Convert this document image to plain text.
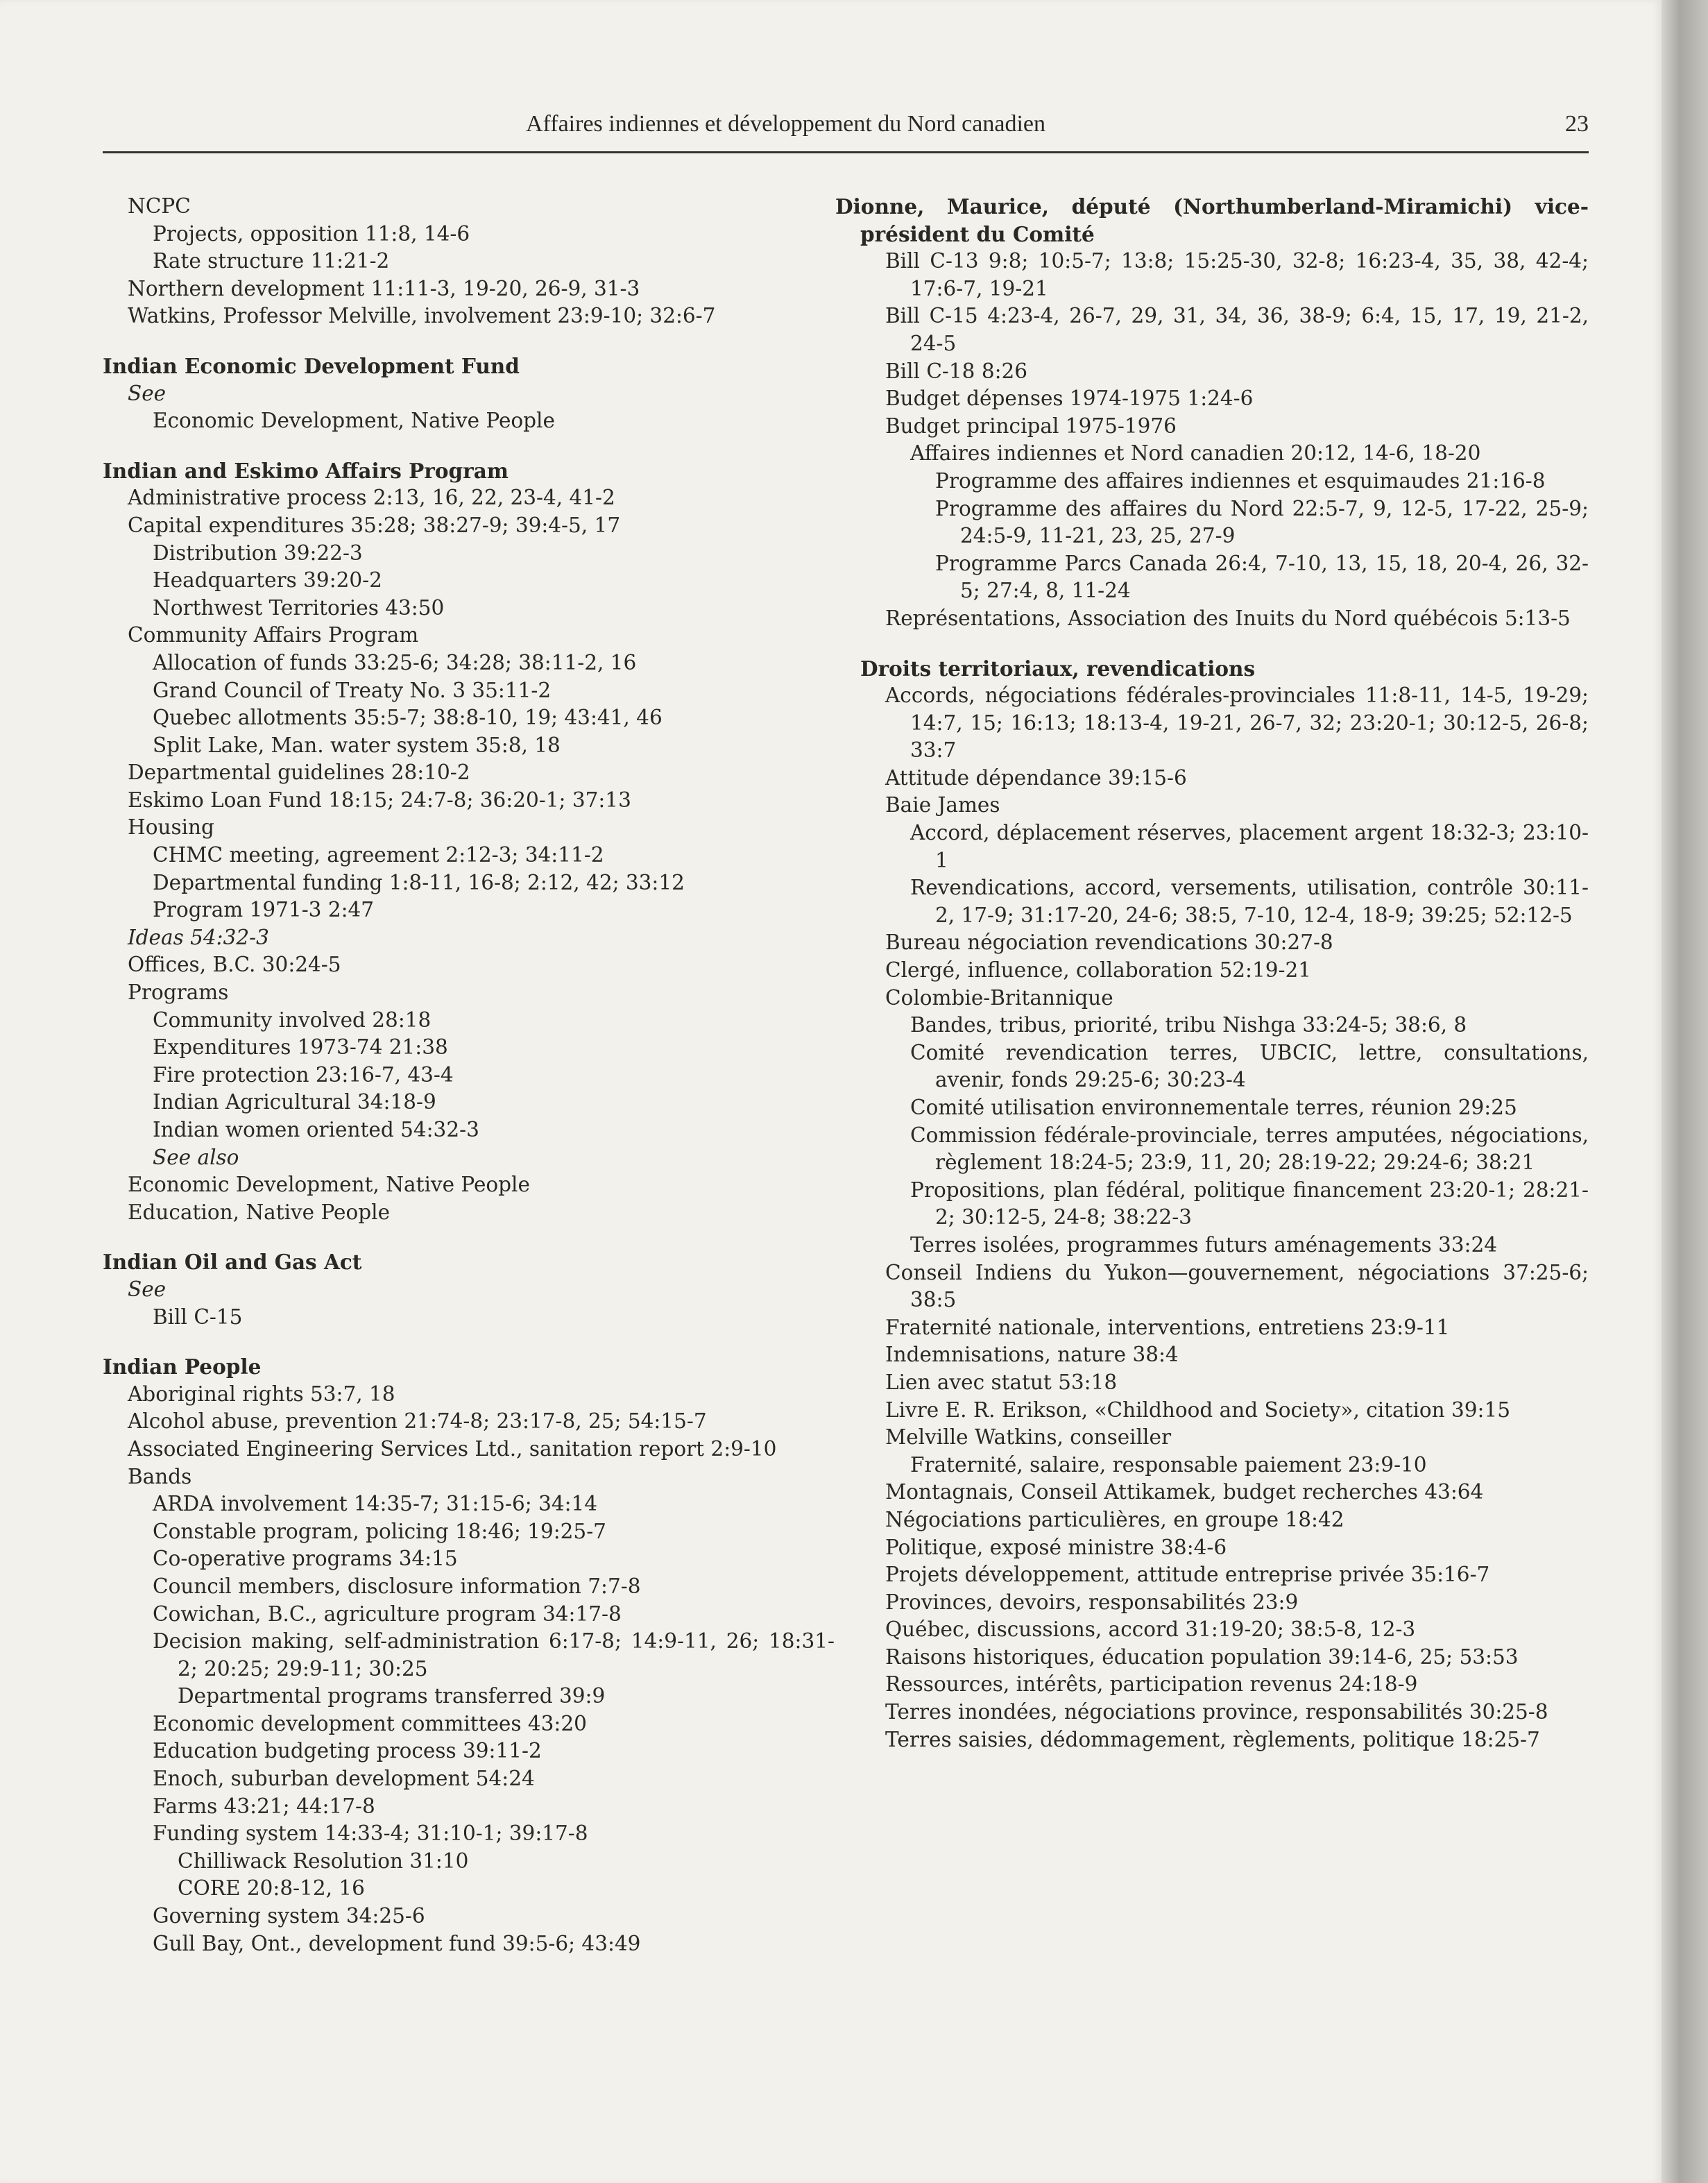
Affaires indiennes et développement du Nord canadien	23
NCPC
Projects, opposition 11:8, 14-6
Rate structure 11:21-2
Northern development 11:11-3, 19-20, 26-9, 31-3
Watkins, Professor Melville, involvement 23:9-10; 32:6-7
Indian Economic Development Fund
See
Economic Development, Native People
Indian and Eskimo Affairs Program
Administrative process 2:13, 16, 22, 23-4, 41-2
Capital expenditures 35:28; 38:27-9; 39:4-5, 17
Distribution 39:22-3
Headquarters 39:20-2
Northwest Territories 43:50
Community Affairs Program
Allocation of funds 33:25-6; 34:28; 38:11-2, 16
Grand Council of Treaty No. 3 35:11-2
Quebec allotments 35:5-7; 38:8-10, 19; 43:41, 46
Split Lake, Man. water system 35:8, 18
Departmental guidelines 28:10-2
Eskimo Loan Fund 18:15; 24:7-8; 36:20-1; 37:13
Housing
CHMC meeting, agreement 2:12-3; 34:11-2
Departmental funding 1:8-11, 16-8; 2:12, 42; 33:12
Program 1971-3 2:47
Ideas 54:32-3
Offices, B.C. 30:24-5
Programs
Community involved 28:18
Expenditures 1973-74 21:38
Fire protection 23:16-7, 43-4
Indian Agricultural 34:18-9
Indian women oriented 54:32-3
See also
Economic Development, Native People
Education, Native People
Indian Oil and Gas Act
See
Bill C-15
Indian People
Aboriginal rights 53:7, 18
Alcohol abuse, prevention 21:74-8; 23:17-8, 25; 54:15-7
Associated Engineering Services Ltd., sanitation report 2:9-10
Bands
ARDA involvement 14:35-7; 31:15-6; 34:14
Constable program, policing 18:46; 19:25-7
Co-operative programs 34:15
Council members, disclosure information 7:7-8
Cowichan, B.C., agriculture program 34:17-8
Decision making, self-administration 6:17-8; 14:9-11, 26; 18:31-2; 20:25; 29:9-11; 30:25
Departmental programs transferred 39:9
Economic development committees 43:20
Education budgeting process 39:11-2
Enoch, suburban development 54:24
Farms 43:21; 44:17-8
Funding system 14:33-4; 31:10-1; 39:17-8
Chilliwack Resolution 31:10
CORE 20:8-12, 16
Governing system 34:25-6
Gull Bay, Ont., development fund 39:5-6; 43:49
Dionne, Maurice, député (Northumberland-Miramichi) vice-président du Comité
Bill C-13 9:8; 10:5-7; 13:8; 15:25-30, 32-8; 16:23-4, 35, 38, 42-4; 17:6-7, 19-21
Bill C-15 4:23-4, 26-7, 29, 31, 34, 36, 38-9; 6:4, 15, 17, 19, 21-2, 24-5
Bill C-18 8:26
Budget dépenses 1974-1975 1:24-6
Budget principal 1975-1976
Affaires indiennes et Nord canadien 20:12, 14-6, 18-20
Programme des affaires indiennes et esquimaudes 21:16-8
Programme des affaires du Nord 22:5-7, 9, 12-5, 17-22, 25-9; 24:5-9, 11-21, 23, 25, 27-9
Programme Parcs Canada 26:4, 7-10, 13, 15, 18, 20-4, 26, 32-5; 27:4, 8, 11-24
Représentations, Association des Inuits du Nord québécois 5:13-5
Droits territoriaux, revendications
Accords, négociations fédérales-provinciales 11:8-11, 14-5, 19-29; 14:7, 15; 16:13; 18:13-4, 19-21, 26-7, 32; 23:20-1; 30:12-5, 26-8; 33:7
Attitude dépendance 39:15-6
Baie James
Accord, déplacement réserves, placement argent 18:32-3; 23:10-1
Revendications, accord, versements, utilisation, contrôle 30:11-2, 17-9; 31:17-20, 24-6; 38:5, 7-10, 12-4, 18-9; 39:25; 52:12-5
Bureau négociation revendications 30:27-8
Clergé, influence, collaboration 52:19-21
Colombie-Britannique
Bandes, tribus, priorité, tribu Nishga 33:24-5; 38:6, 8
Comité revendication terres, UBCIC, lettre, consultations, avenir, fonds 29:25-6; 30:23-4
Comité utilisation environnementale terres, réunion 29:25
Commission fédérale-provinciale, terres amputées, négociations, règlement 18:24-5; 23:9, 11, 20; 28:19-22; 29:24-6; 38:21
Propositions, plan fédéral, politique financement 23:20-1; 28:21-2; 30:12-5, 24-8; 38:22-3
Terres isolées, programmes futurs aménagements 33:24
Conseil Indiens du Yukon—gouvernement, négociations 37:25-6; 38:5
Fraternité nationale, interventions, entretiens 23:9-11
Indemnisations, nature 38:4
Lien avec statut 53:18
Livre E. R. Erikson, «Childhood and Society», citation 39:15
Melville Watkins, conseiller
Fraternité, salaire, responsable paiement 23:9-10
Montagnais, Conseil Attikamek, budget recherches 43:64
Négociations particulières, en groupe 18:42
Politique, exposé ministre 38:4-6
Projets développement, attitude entreprise privée 35:16-7
Provinces, devoirs, responsabilités 23:9
Québec, discussions, accord 31:19-20; 38:5-8, 12-3
Raisons historiques, éducation population 39:14-6, 25; 53:53
Ressources, intérêts, participation revenus 24:18-9
Terres inondées, négociations province, responsabilités 30:25-8
Terres saisies, dédommagement, règlements, politique 18:25-7
